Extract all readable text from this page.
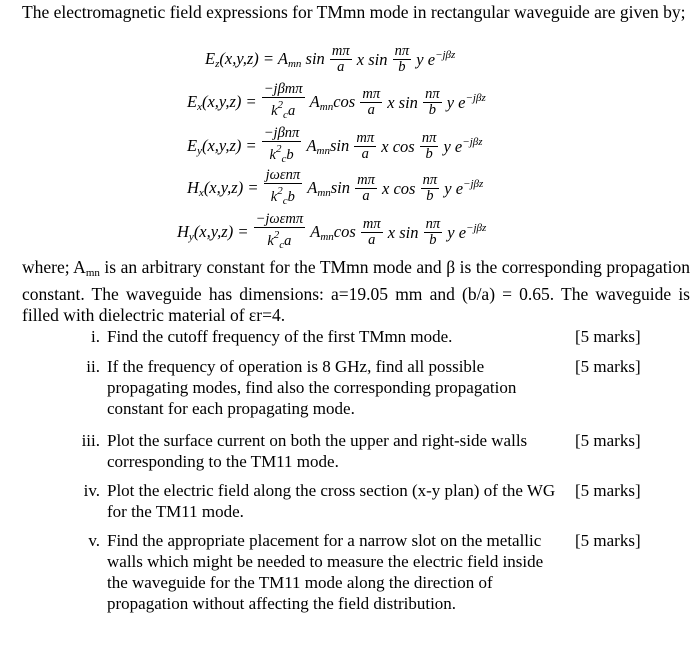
The electromagnetic field expressions for TMmn mode in rectangular waveguide are given by;
$E_z(x,y,z) = A_{mn}$ $\sin \frac{m\pi}{a}$ x $\sin \frac{n\pi}{b}$ y $e^{-j\beta z}$
$E_x(x,y,z) = \frac{\text{−jβmπ}}{k^2_ca} A_{mn}\cos \frac{m\pi}{a}$ x $\sin \frac{n\pi}{b}$ y $e^{-j\beta z}$
$E_y(x,y,z) = \frac{\text{−jβnπ}}{k^2_cb} A_{mn}\sin \frac{m\pi}{a}$ x $\cos \frac{n\pi}{b}$ y $e^{-j\beta z}$
$H_x(x,y,z) = \frac{\text{jωεnπ}}{k^2_cb} A_{mn}\sin \frac{m\pi}{a}$ x $\cos \frac{n\pi}{b}$ y $e^{-j\beta z}$
$H_y(x,y,z) = \frac{\text{−jωεmπ}}{k^2_ca} A_{mn}\cos \frac{m\pi}{a}$ x $\sin \frac{n\pi}{b}$ y $e^{-j\beta z}$
where; $A_{mn}$ is an arbitrary constant for the TMmn mode and β is the corresponding propagation constant. The waveguide has dimensions: a=19.05 mm and (b/a) = 0.65. The waveguide is filled with dielectric material of εr=4.
i. Find the cutoff frequency of the first TMmn mode.	[5 marks]
ii. If the frequency of operation is 8 GHz, find all possible propagating modes, find also the corresponding propagation constant for each propagating mode.
[5 marks]
iii. Plot the surface current on both the upper and right-side walls corresponding to the TM11 mode.
[5 marks]
iv. Plot the electric field along the cross section (x-y plan) of the WG for the TM11 mode.
[5 marks]
v. Find the appropriate placement for a narrow slot on the metallic walls which might be needed to measure the electric field inside the waveguide for the TM11 mode along the direction of propagation without affecting the field distribution.
[5 marks]
